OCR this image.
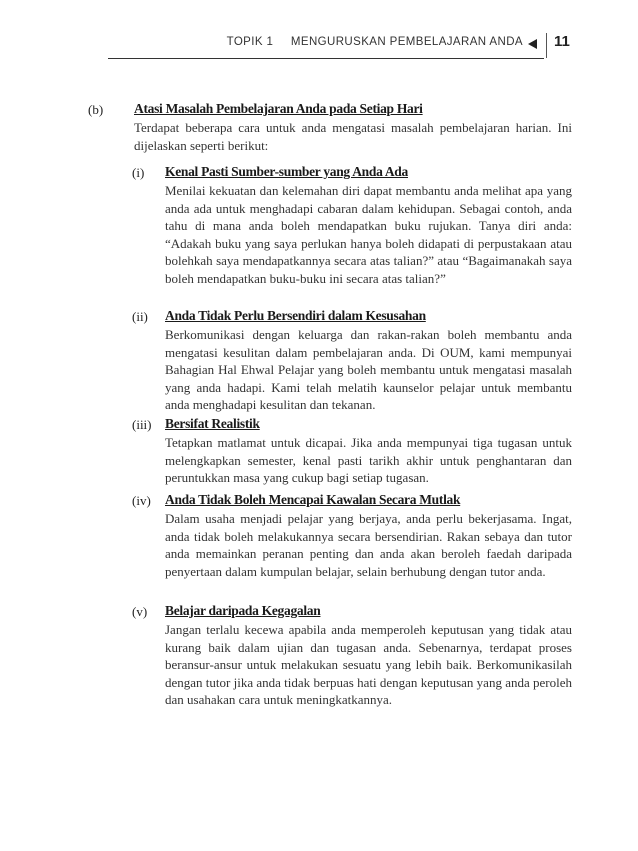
TOPIK 1 MENGURUSKAN PEMBELAJARAN ANDA 11
(b) Atasi Masalah Pembelajaran Anda pada Setiap Hari

Terdapat beberapa cara untuk anda mengatasi masalah pembelajaran harian. Ini dijelaskan seperti berikut:

(i) Kenal Pasti Sumber-sumber yang Anda Ada

Menilai kekuatan dan kelemahan diri dapat membantu anda melihat apa yang anda ada untuk menghadapi cabaran dalam kehidupan. Sebagai contoh, anda tahu di mana anda boleh mendapatkan buku rujukan. Tanya diri anda: “Adakah buku yang saya perlukan hanya boleh didapati di perpustakaan atau bolehkah saya mendapatkannya secara atas talian?” atau “Bagaimanakah saya boleh mendapatkan buku-buku ini secara atas talian?”

(ii) Anda Tidak Perlu Bersendiri dalam Kesusahan

Berkomunikasi dengan keluarga dan rakan-rakan boleh membantu anda mengatasi kesulitan dalam pembelajaran anda. Di OUM, kami mempunyai Bahagian Hal Ehwal Pelajar yang boleh membantu untuk mengatasi masalah yang anda hadapi. Kami telah melatih kaunselor pelajar untuk membantu anda menghadapi kesulitan dan tekanan.

(iii) Bersifat Realistik

Tetapkan matlamat untuk dicapai. Jika anda mempunyai tiga tugasan untuk melengkapkan semester, kenal pasti tarikh akhir untuk penghantaran dan peruntukkan masa yang cukup bagi setiap tugasan.

(iv) Anda Tidak Boleh Mencapai Kawalan Secara Mutlak

Dalam usaha menjadi pelajar yang berjaya, anda perlu bekerjasama. Ingat, anda tidak boleh melakukannya secara bersendirian. Rakan sebaya dan tutor anda memainkan peranan penting dan anda akan beroleh faedah daripada penyertaan dalam kumpulan belajar, selain berhubung dengan tutor anda.

(v) Belajar daripada Kegagalan

Jangan terlalu kecewa apabila anda memperoleh keputusan yang tidak atau kurang baik dalam ujian dan tugasan anda. Sebenarnya, terdapat proses beransur-ansur untuk melakukan sesuatu yang lebih baik. Berkomunikasilah dengan tutor jika anda tidak berpuas hati dengan keputusan yang anda peroleh dan usahakan cara untuk meningkatkannya.
